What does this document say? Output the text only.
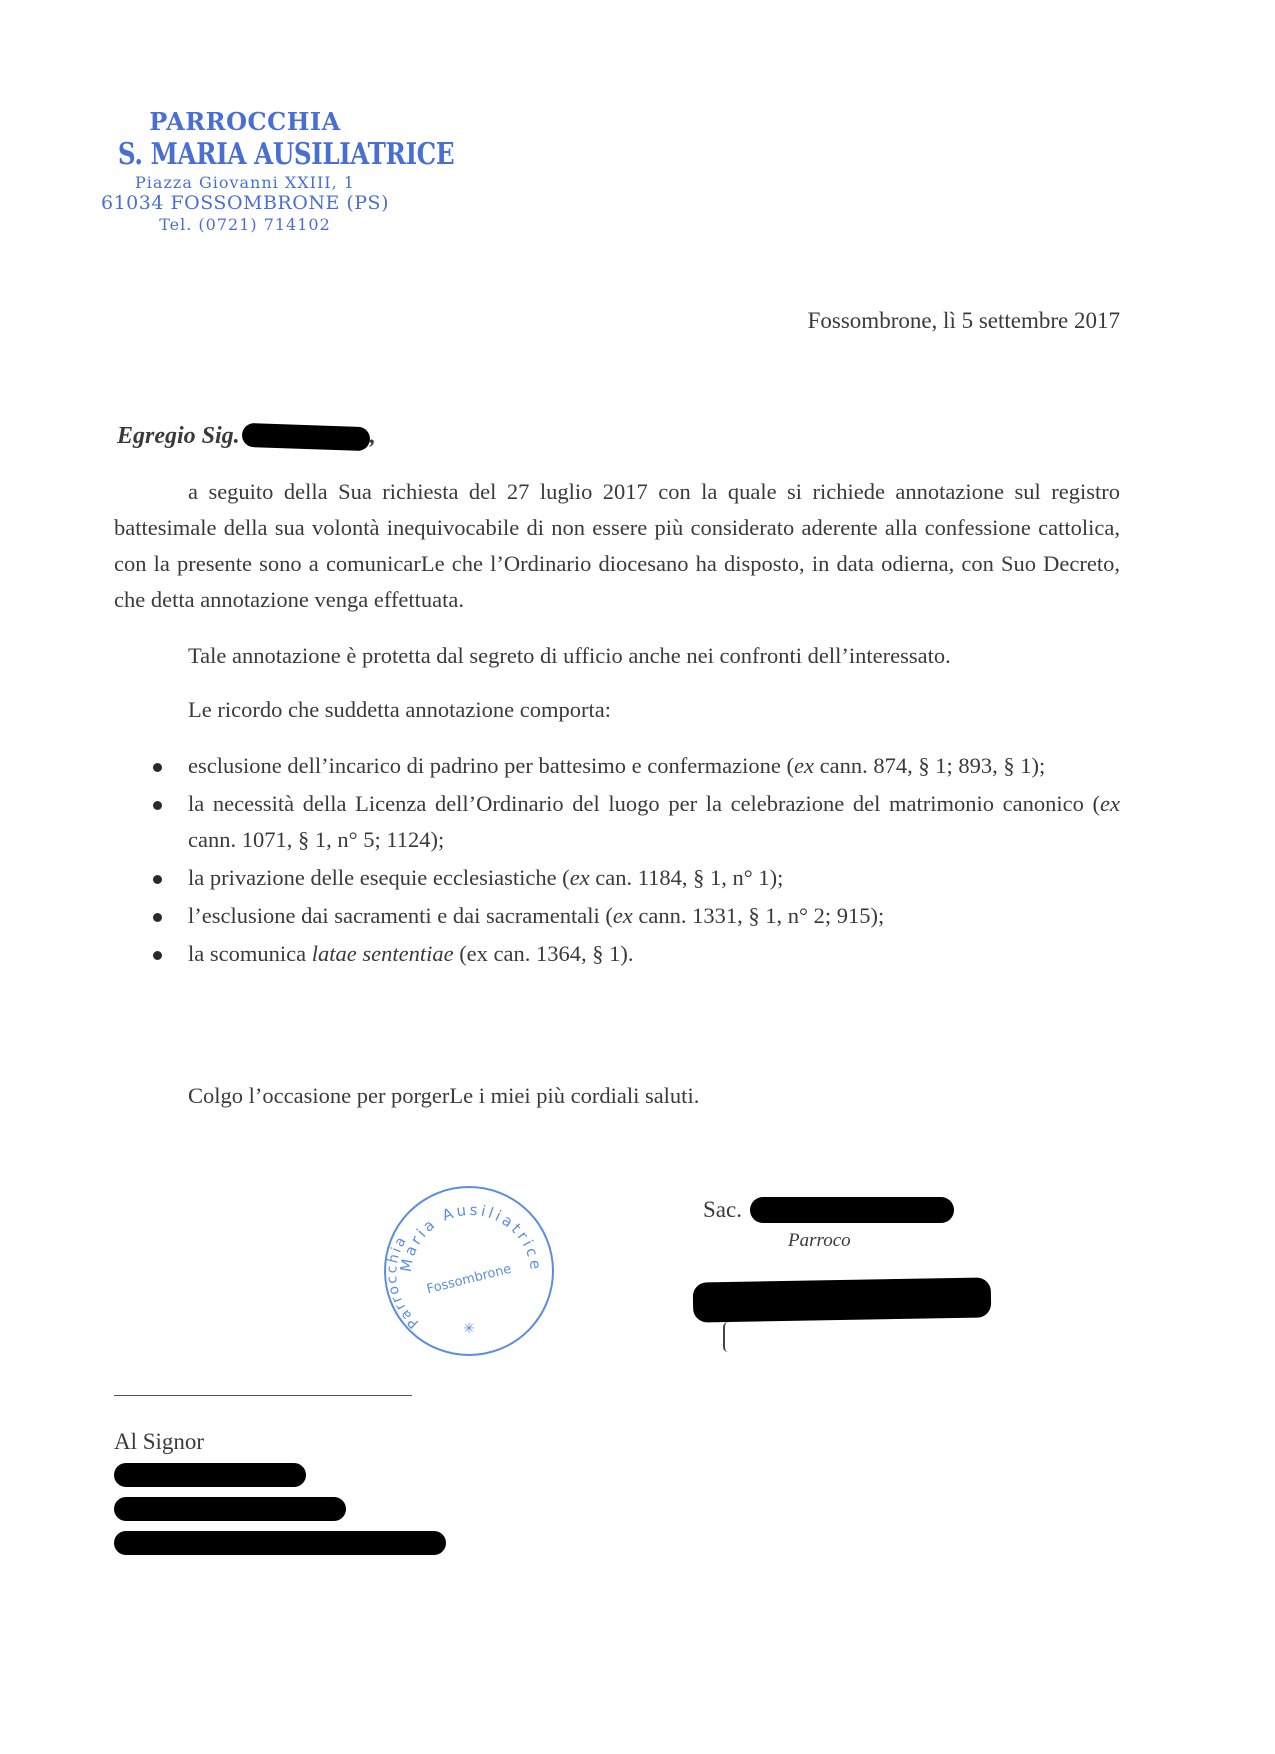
PARROCCHIA
S. MARIA AUSILIATRICE
Piazza Giovanni XXIII, 1
61034 FOSSOMBRONE (PS)
Tel. (0721) 714102
Fossombrone, lì 5 settembre 2017
Egregio Sig.	,

a seguito della Sua richiesta del 27 luglio 2017 con la quale si richiede annotazione sul registro battesimale della sua volontà inequivocabile di non essere più considerato aderente alla confessione cattolica, con la presente sono a comunicarLe che l’Ordinario diocesano ha disposto, in data odierna, con Suo Decreto, che detta annotazione venga effettuata.

Tale annotazione è protetta dal segreto di ufficio anche nei confronti dell’interessato.

Le ricordo che suddetta annotazione comporta:

esclusione dell’incarico di padrino per battesimo e confermazione (ex cann. 874, § 1; 893, § 1);
la necessità della Licenza dell’Ordinario del luogo per la celebrazione del matrimonio canonico (ex cann. 1071, § 1, n° 5; 1124);
la privazione delle esequie ecclesiastiche (ex can. 1184, § 1, n° 1);
l’esclusione dai sacramenti e dai sacramentali (ex cann. 1331, § 1, n° 2; 915);
la scomunica latae sententiae (ex can. 1364, § 1).
Colgo l’occasione per porgerLe i miei più cordiali saluti.
Maria Ausiliatrice
Parrocchia
Fossombrone
✳
Sac.
Parroco
Al Signor
